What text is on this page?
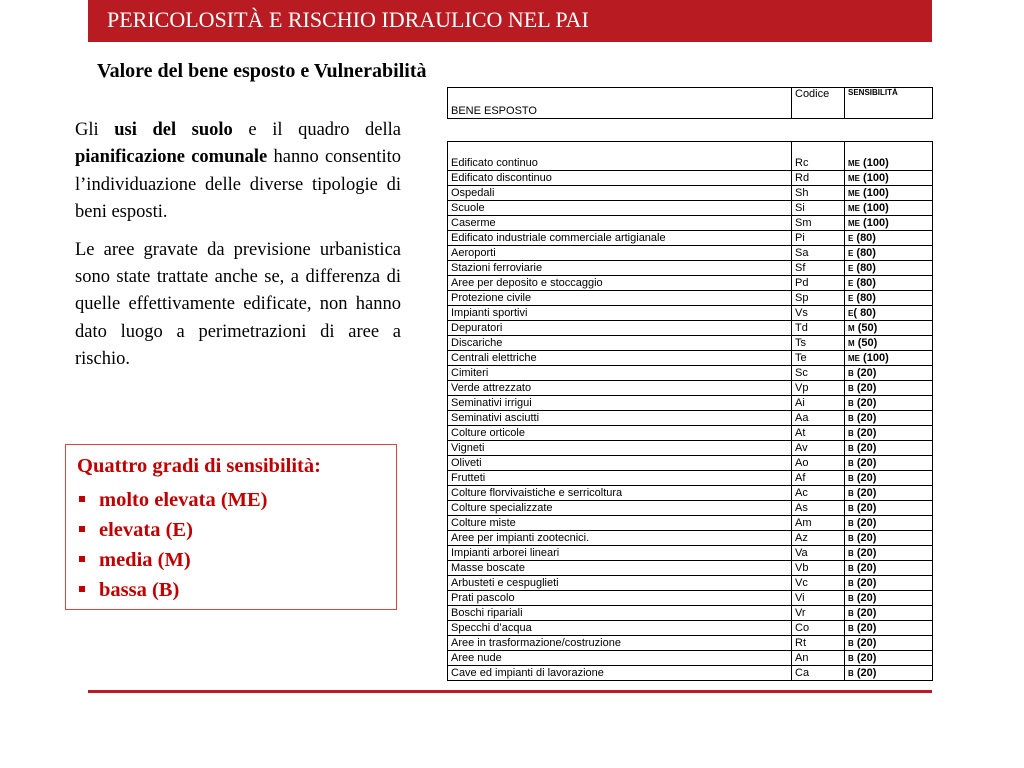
PERICOLOSITÀ E RISCHIO IDRAULICO NEL PAI
Valore del bene esposto e Vulnerabilità

Gli usi del suolo e il quadro della pianificazione comunale hanno consentito l’individuazione delle diverse tipologie di beni esposti.

Le aree gravate da previsione urbanistica sono state trattate anche se, a differenza di quelle effettivamente edificate, non hanno dato luogo a perimetrazioni di aree a rischio.

Quattro gradi di sensibilità:
molto elevata (ME)
elevata (E)
media (M)
bassa (B)
BENE ESPOSTO	Codice	SENSIBILITÀ
Edificato continuo	Rc	ME (100)
Edificato discontinuo	Rd	ME (100)
Ospedali	Sh	ME (100)
Scuole	Si	ME (100)
Caserme	Sm	ME (100)
Edificato industriale commerciale artigianale	Pi	E (80)
Aeroporti	Sa	E (80)
Stazioni ferroviarie	Sf	E (80)
Aree per deposito e stoccaggio	Pd	E (80)
Protezione civile	Sp	E (80)
Impianti sportivi	Vs	E( 80)
Depuratori	Td	M (50)
Discariche	Ts	M (50)
Centrali elettriche	Te	ME (100)
Cimiteri	Sc	B (20)
Verde attrezzato	Vp	B (20)
Seminativi irrigui	Ai	B (20)
Seminativi asciutti	Aa	B (20)
Colture orticole	At	B (20)
Vigneti	Av	B (20)
Oliveti	Ao	B (20)
Frutteti	Af	B (20)
Colture florvivaistiche e serricoltura	Ac	B (20)
Colture specializzate	As	B (20)
Colture miste	Am	B (20)
Aree per impianti zootecnici.	Az	B (20)
Impianti arborei lineari	Va	B (20)
Masse boscate	Vb	B (20)
Arbusteti e cespuglieti	Vc	B (20)
Prati pascolo	Vi	B (20)
Boschi ripariali	Vr	B (20)
Specchi d’acqua	Co	B (20)
Aree in trasformazione/costruzione	Rt	B (20)
Aree nude	An	B (20)
Cave ed impianti di lavorazione	Ca	B (20)
